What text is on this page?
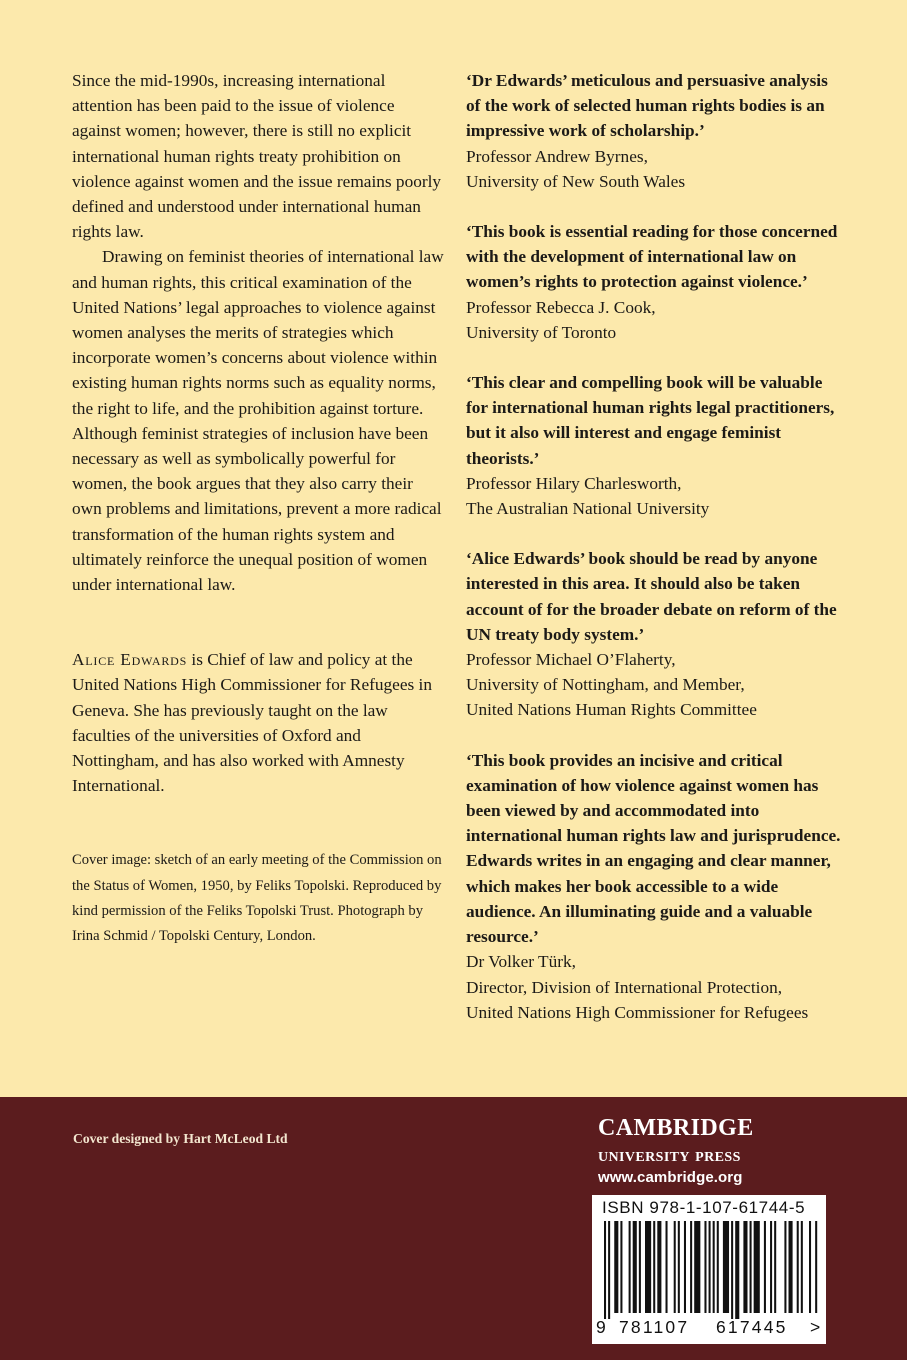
Since the mid-1990s, increasing international attention has been paid to the issue of violence against women; however, there is still no explicit international human rights treaty prohibition on violence against women and the issue remains poorly defined and understood under international human rights law.

Drawing on feminist theories of international law and human rights, this critical examination of the United Nations’ legal approaches to violence against women analyses the merits of strategies which incorporate women’s concerns about violence within existing human rights norms such as equality norms, the right to life, and the prohibition against torture. Although feminist strategies of inclusion have been necessary as well as symbolically powerful for women, the book argues that they also carry their own problems and limitations, prevent a more radical transformation of the human rights system and ultimately reinforce the unequal position of women under international law.

Alice Edwards is Chief of law and policy at the United Nations High Commissioner for Refugees in Geneva. She has previously taught on the law faculties of the universities of Oxford and Nottingham, and has also worked with Amnesty International.

Cover image: sketch of an early meeting of the Commission on the Status of Women, 1950, by Feliks Topolski. Reproduced by kind permission of the Feliks Topolski Trust. Photograph by Irina Schmid / Topolski Century, London.

‘Dr Edwards’ meticulous and persuasive analysis of the work of selected human rights bodies is an impressive work of scholarship.’
Professor Andrew Byrnes,
University of New South Wales
‘This book is essential reading for those concerned with the development of international law on women’s rights to protection against violence.’
Professor Rebecca J. Cook,
University of Toronto
‘This clear and compelling book will be valuable for international human rights legal practitioners, but it also will interest and engage feminist theorists.’
Professor Hilary Charlesworth,
The Australian National University
‘Alice Edwards’ book should be read by anyone interested in this area. It should also be taken account of for the broader debate on reform of the UN treaty body system.’
Professor Michael O’Flaherty,
University of Nottingham, and Member,
United Nations Human Rights Committee
‘This book provides an incisive and critical examination of how violence against women has been viewed by and accommodated into international human rights law and jurisprudence. Edwards writes in an engaging and clear manner, which makes her book accessible to a wide audience. An illuminating guide and a valuable resource.’
Dr Volker Türk,
Director, Division of International Protection,
United Nations High Commissioner for Refugees
Cover designed by Hart McLeod Ltd	cambridge
university press
www.cambridge.org
ISBN 978-1-107-61744-5
9 781107 617445 >
